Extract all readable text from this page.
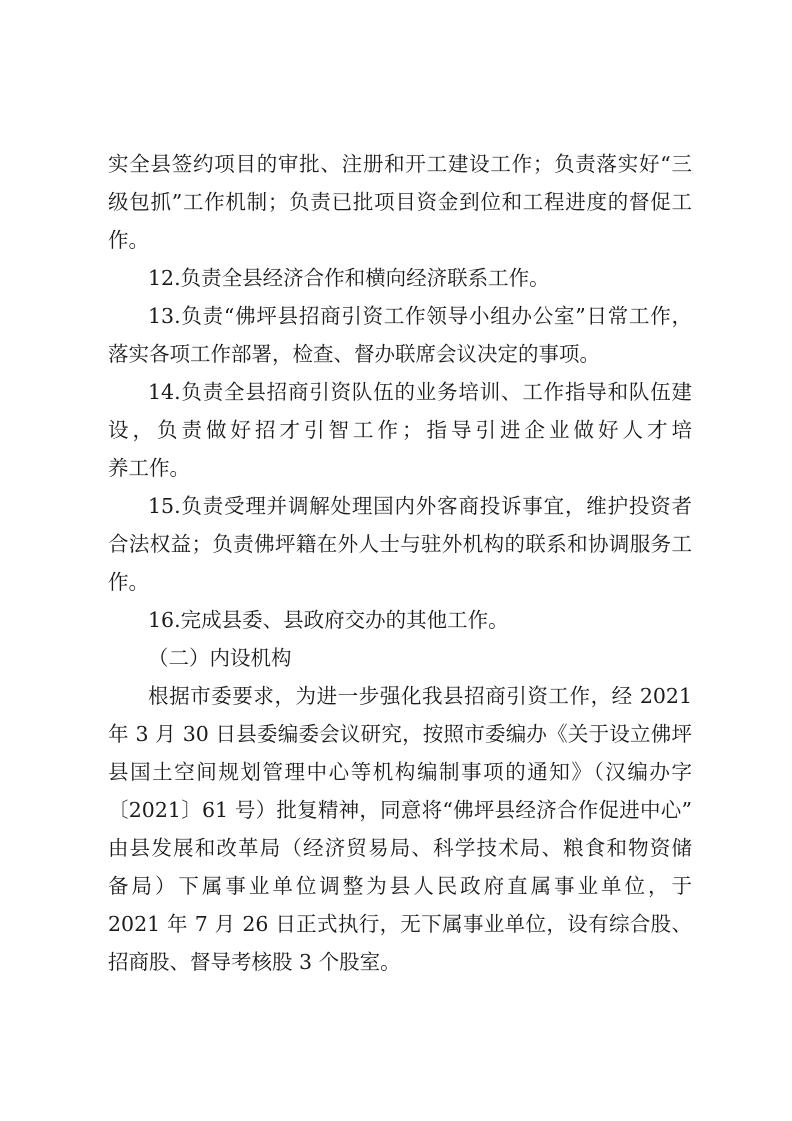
实全县签约项目的审批、注册和开工建设工作；负责落实好“三
级包抓”工作机制；负责已批项目资金到位和工程进度的督促工
作。
12.负责全县经济合作和横向经济联系工作。
13.负责“佛坪县招商引资工作领导小组办公室”日常工作，
落实各项工作部署，检查、督办联席会议决定的事项。
14.负责全县招商引资队伍的业务培训、工作指导和队伍建
设，负责做好招才引智工作；指导引进企业做好人才培
养工作。
15.负责受理并调解处理国内外客商投诉事宜，维护投资者
合法权益；负责佛坪籍在外人士与驻外机构的联系和协调服务工
作。
16.完成县委、县政府交办的其他工作。
（二）内设机构
根据市委要求，为进一步强化我县招商引资工作，经 2021
年 3 月 30 日县委编委会议研究，按照市委编办《关于设立佛坪
县国土空间规划管理中心等机构编制事项的通知》（汉编办字
〔2021〕61 号）批复精神，同意将“佛坪县经济合作促进中心”
由县发展和改革局（经济贸易局、科学技术局、粮食和物资储
备局）下属事业单位调整为县人民政府直属事业单位，于
2021 年 7 月 26 日正式执行，无下属事业单位，设有综合股、
招商股、督导考核股 3 个股室。
